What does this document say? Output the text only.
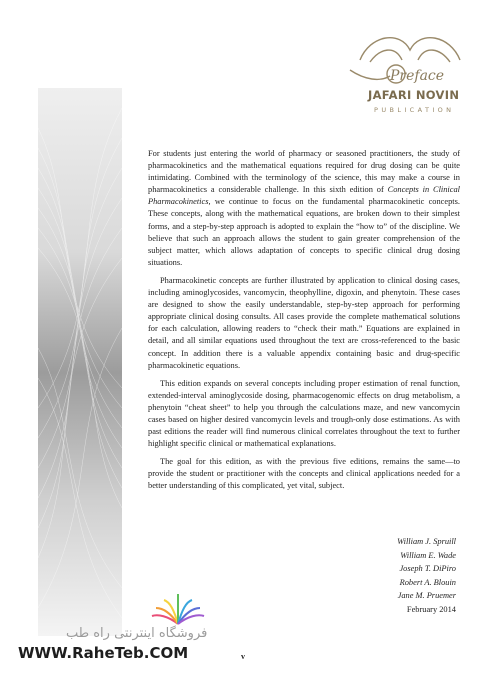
Preface
JAFARI NOVIN
PUBLICATION

For students just entering the world of pharmacy or seasoned practitioners, the study of pharmacokinetics and the mathematical equations required for drug dosing can be quite intimidating. Combined with the terminology of the science, this may make a course in pharmacokinetics a considerable challenge. In this sixth edition of Concepts in Clinical Pharmacokinetics, we continue to focus on the fundamental pharmacokinetic concepts. These concepts, along with the mathematical equations, are broken down to their simplest forms, and a step-by-step approach is adopted to explain the “how to” of the discipline. We believe that such an approach allows the student to gain greater comprehension of the subject matter, which allows adaptation of concepts to specific clinical drug dosing situations.

Pharmacokinetic concepts are further illustrated by application to clinical dosing cases, including aminoglycosides, vancomycin, theophylline, digoxin, and phenytoin. These cases are designed to show the easily understandable, step-by-step approach for performing appropriate clinical dosing consults. All cases provide the complete mathematical solutions for each calculation, allowing readers to “check their math.” Equations are explained in detail, and all similar equations used throughout the text are cross-referenced to the basic concept. In addition there is a valuable appendix containing basic and drug-specific pharmacokinetic equations.

This edition expands on several concepts including proper estimation of renal function, extended-interval aminoglycoside dosing, pharmacogenomic effects on drug metabolism, a phenytoin “cheat sheet” to help you through the calculations maze, and new vancomycin cases based on higher desired vancomycin levels and trough-only dose estimations. As with past editions the reader will find numerous clinical correlates throughout the text to further highlight specific clinical or mathematical explanations.

The goal for this edition, as with the previous five editions, remains the same—to provide the student or practitioner with the concepts and clinical applications needed for a better understanding of this complicated, yet vital, subject.

William J. Spruill
William E. Wade
Joseph T. DiPiro
Robert A. Blouin
Jane M. Pruemer
February 2014
v
فروشگاه اینترنتی راه طب
WWW.RaheTeb.COM
